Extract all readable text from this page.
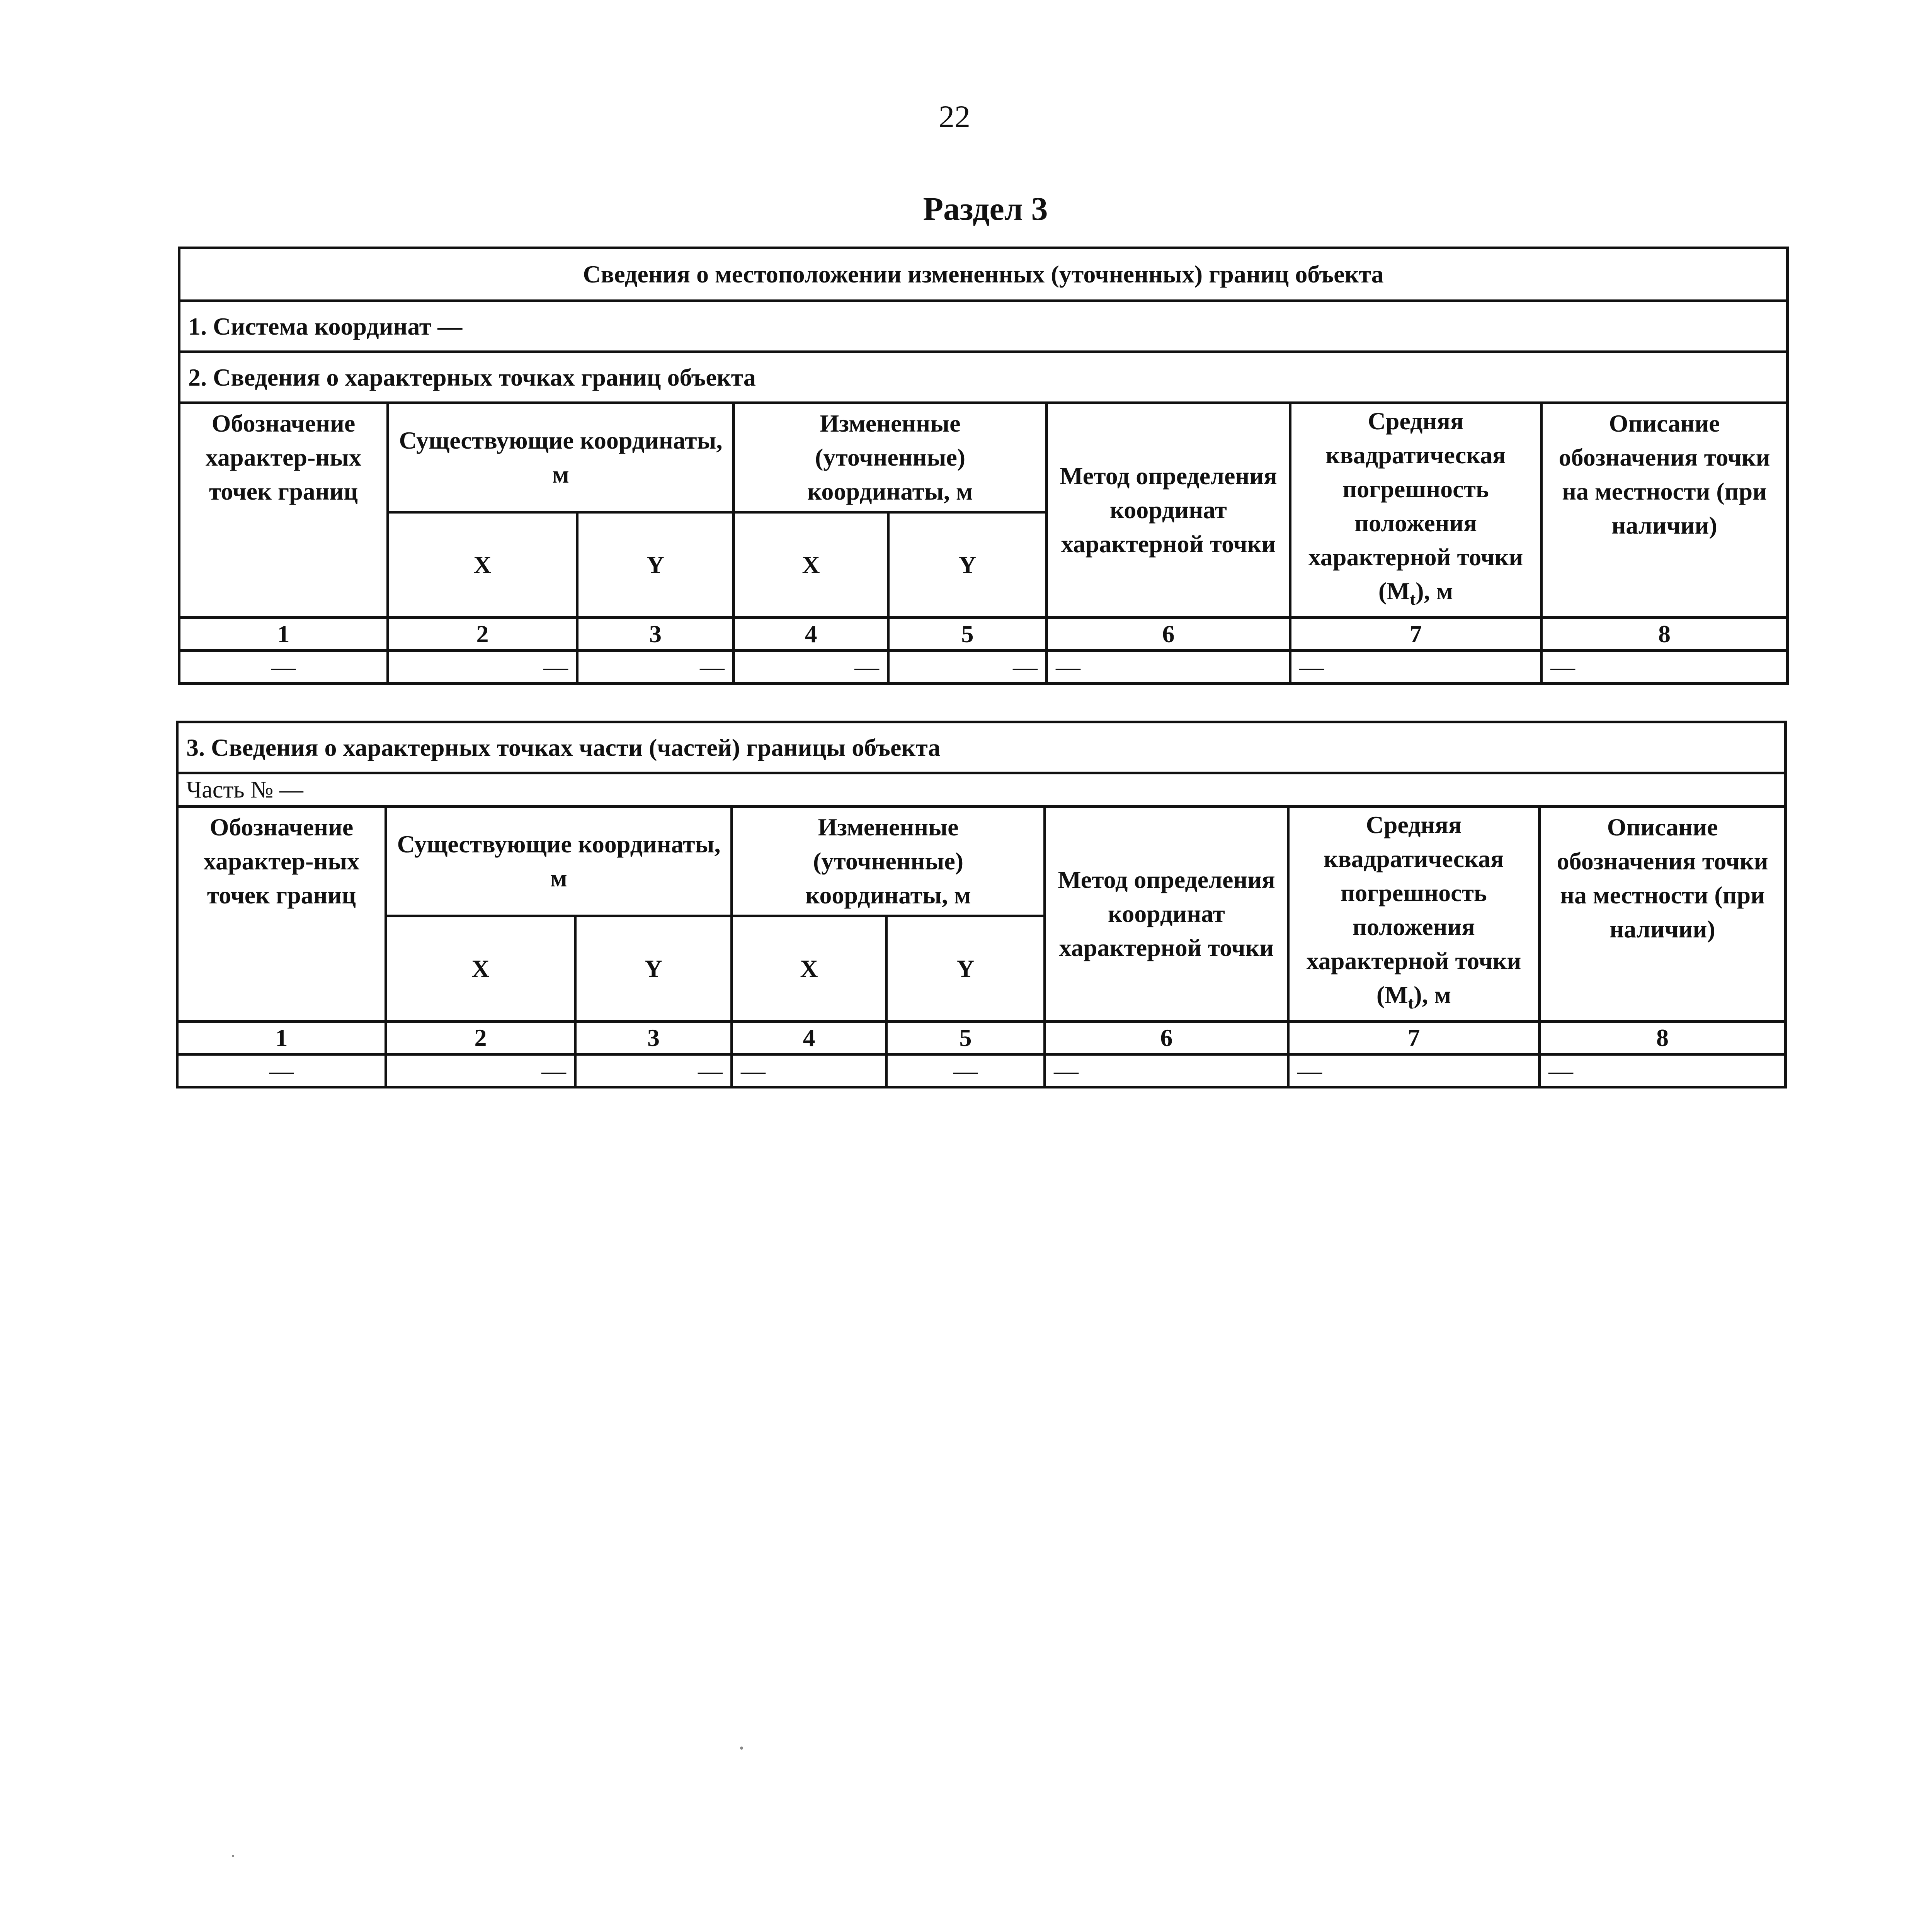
22
Раздел 3
Сведения о местоположении измененных (уточненных) границ объекта							
1. Система координат —							
2. Сведения о характерных точках границ объекта							
Обозначение характер-ных точек границ	Существующие координаты, м		Измененные (уточненные) координаты, м		Метод определения координат характерной точки	Средняя квадратическая погрешность положения характерной точки $(M_t)$, м	Описание обозначения точки на местности (при наличии)
	X	Y	X	Y			
1	2	3	4	5	6	7	8
—	—	—	—	—	—	—	—
3. Сведения о характерных точках части (частей) границы объекта							
Часть № —							
Обозначение характер-ных точек границ	Существующие координаты, м		Измененные (уточненные) координаты, м		Метод определения координат характерной точки	Средняя квадратическая погрешность положения характерной точки $(M_t)$, м	Описание обозначения точки на местности (при наличии)
	X	Y	X	Y			
1	2	3	4	5	6	7	8
—	—	—	—	—	—	—	—
